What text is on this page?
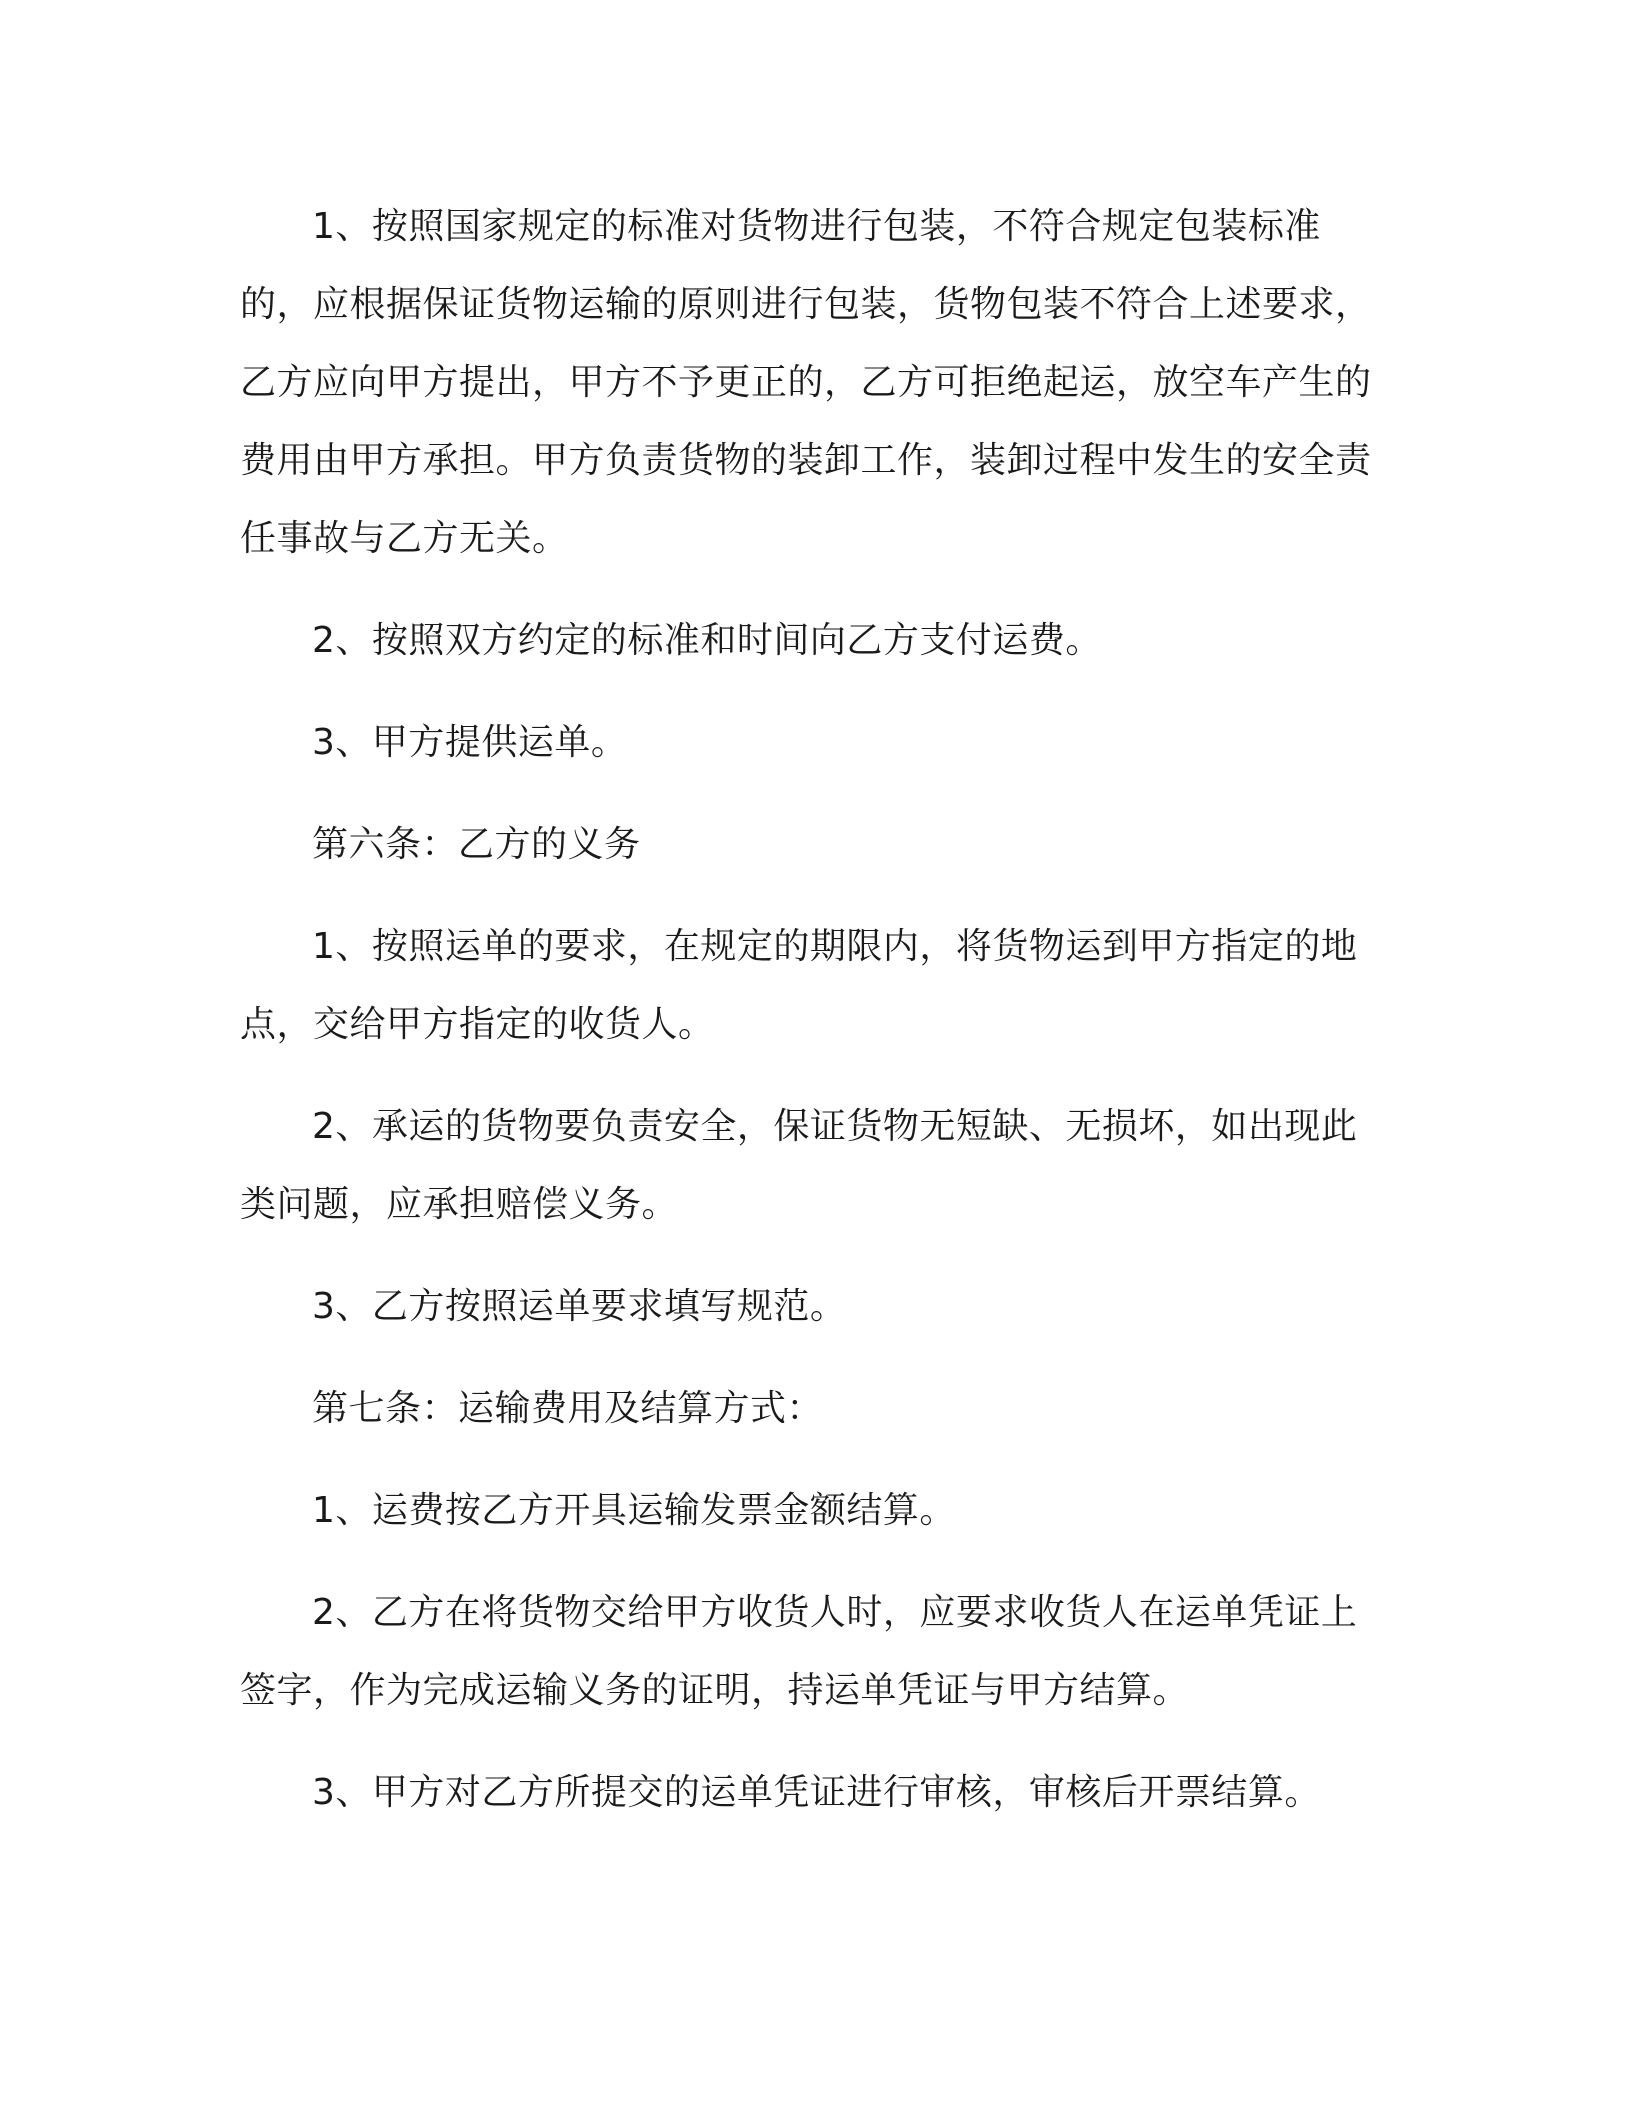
1、按照国家规定的标准对货物进行包装，不符合规定包装标准的，应根据保证货物运输的原则进行包装，货物包装不符合上述要求，乙方应向甲方提出，甲方不予更正的，乙方可拒绝起运，放空车产生的费用由甲方承担。甲方负责货物的装卸工作，装卸过程中发生的安全责任事故与乙方无关。

2、按照双方约定的标准和时间向乙方支付运费。

3、甲方提供运单。

第六条：乙方的义务

1、按照运单的要求，在规定的期限内，将货物运到甲方指定的地点，交给甲方指定的收货人。

2、承运的货物要负责安全，保证货物无短缺、无损坏，如出现此类问题，应承担赔偿义务。

3、乙方按照运单要求填写规范。

第七条：运输费用及结算方式：

1、运费按乙方开具运输发票金额结算。

2、乙方在将货物交给甲方收货人时，应要求收货人在运单凭证上签字，作为完成运输义务的证明，持运单凭证与甲方结算。

3、甲方对乙方所提交的运单凭证进行审核，审核后开票结算。
